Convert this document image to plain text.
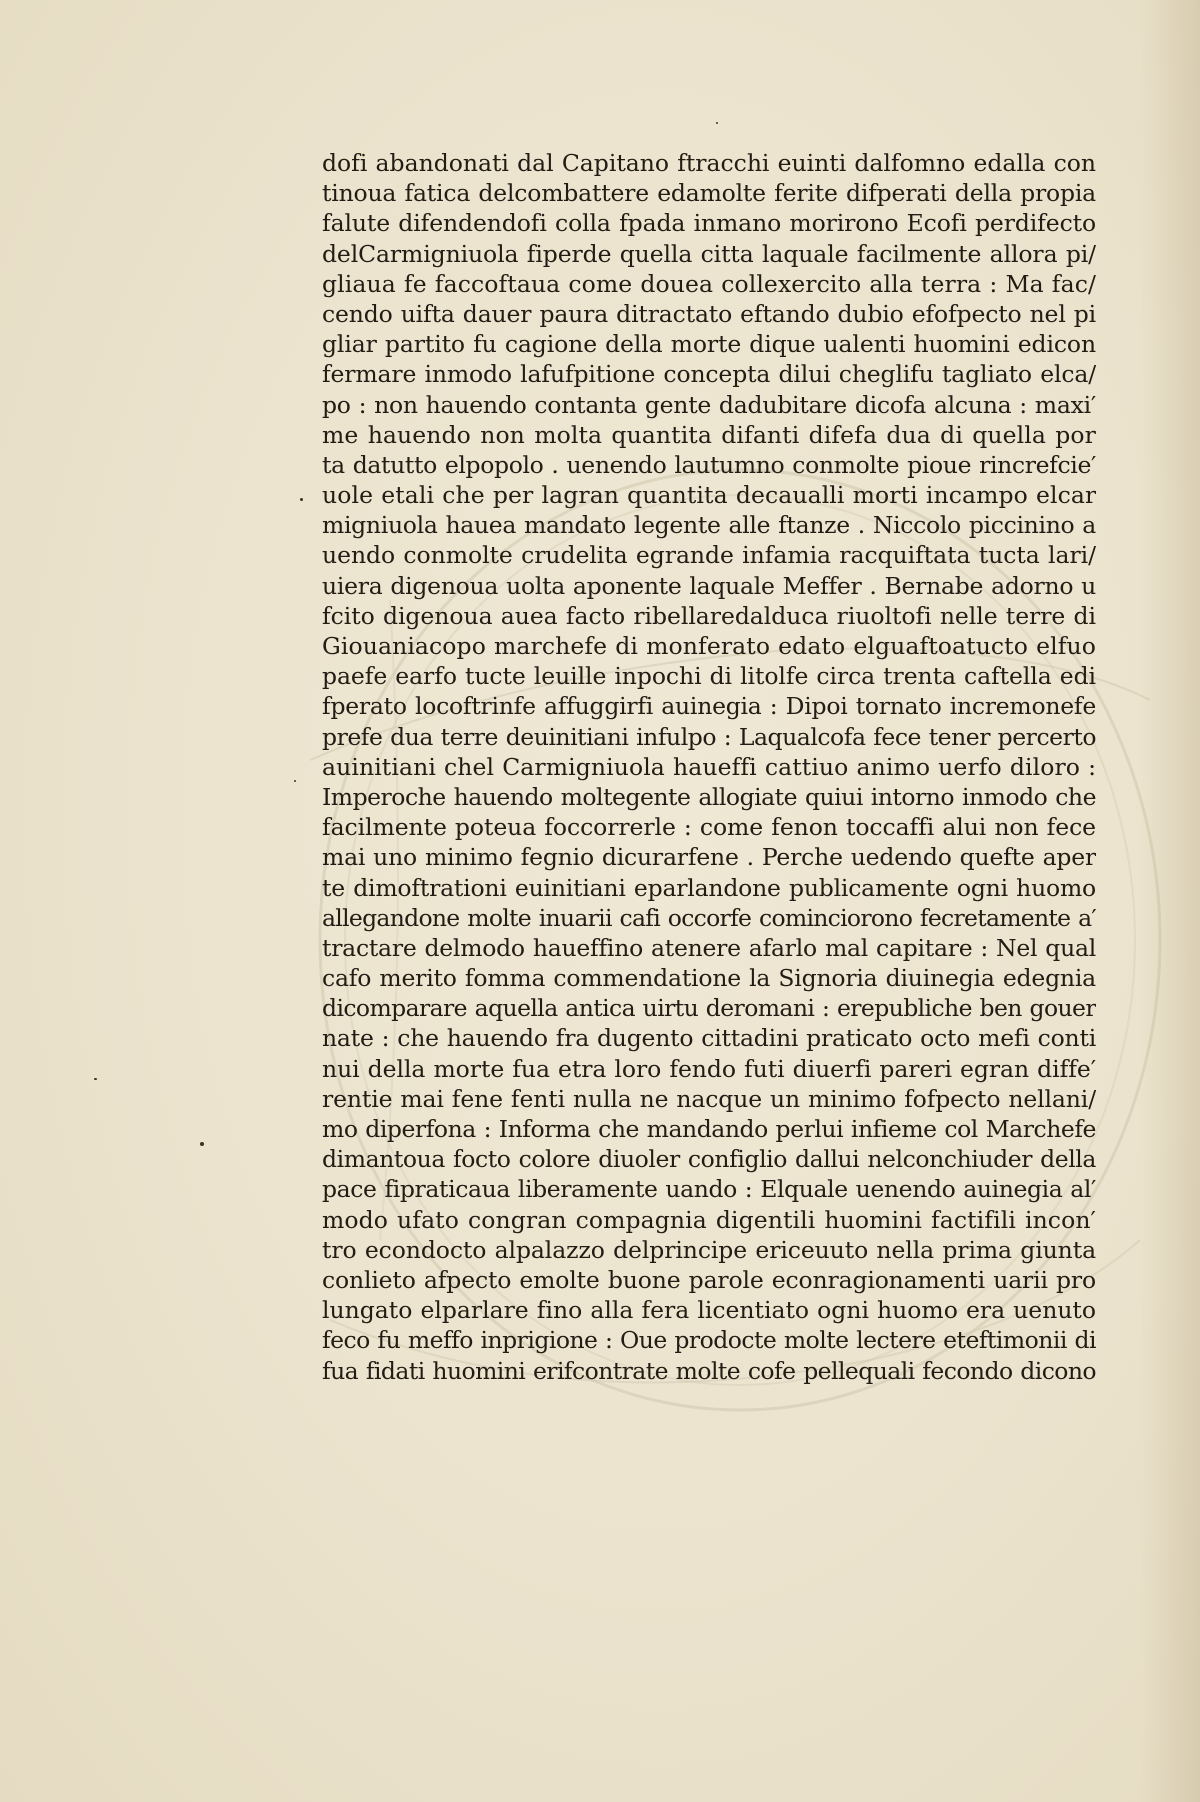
dofi abandonati dal Capitano ftracchi euinti dalfomno edalla con
tinoua fatica delcombattere edamolte ferite difperati della propia
falute difendendofi colla fpada inmano morirono Ecofi perdifecto
delCarmigniuola fiperde quella citta laquale facilmente allora pi/
gliaua fe faccoftaua come douea collexercito alla terra : Ma fac/
cendo uifta dauer paura ditractato eftando dubio efofpecto nel pi
gliar partito fu cagione della morte dique ualenti huomini edicon
fermare inmodo lafufpitione concepta dilui cheglifu tagliato elca/
po : non hauendo contanta gente dadubitare dicofa alcuna : maxi′
me hauendo non molta quantita difanti difefa dua di quella por
ta datutto elpopolo . uenendo lautumno conmolte pioue rincrefcie′
uole etali che per lagran quantita decaualli morti incampo elcar
migniuola hauea mandato legente alle ftanze . Niccolo piccinino a
uendo conmolte crudelita egrande infamia racquiftata tucta lari/
uiera digenoua uolta aponente laquale Meffer . Bernabe adorno u
fcito digenoua auea facto ribellaredalduca riuoltofi nelle terre di
Giouaniacopo marchefe di monferato edato elguaftoatucto elfuo
paefe earfo tucte leuille inpochi di litolfe circa trenta caftella edi
fperato locoftrinfe affuggirfi auinegia : Dipoi tornato incremonefe
prefe dua terre deuinitiani infulpo : Laqualcofa fece tener percerto
auinitiani chel Carmigniuola haueffi cattiuo animo uerfo diloro :
Imperoche hauendo moltegente allogiate quiui intorno inmodo che
facilmente poteua foccorrerle : come fenon toccaffi alui non fece
mai uno minimo fegnio dicurarfene . Perche uedendo quefte aper
te dimoftrationi euinitiani eparlandone publicamente ogni huomo
allegandone molte inuarii cafi occorfe cominciorono fecretamente a′
tractare delmodo haueffino atenere afarlo mal capitare : Nel qual
cafo merito fomma commendatione la Signoria diuinegia edegnia
dicomparare aquella antica uirtu deromani : erepubliche ben gouer
nate : che hauendo fra dugento cittadini praticato octo mefi conti
nui della morte fua etra loro fendo futi diuerfi pareri egran diffe′
rentie mai fene fenti nulla ne nacque un minimo fofpecto nellani/
mo diperfona : Informa che mandando perlui infieme col Marchefe
dimantoua focto colore diuoler configlio dallui nelconchiuder della
pace fipraticaua liberamente uando : Elquale uenendo auinegia al′
modo ufato congran compagnia digentili huomini factifili incon′
tro econdocto alpalazzo delprincipe ericeuuto nella prima giunta
conlieto afpecto emolte buone parole econragionamenti uarii pro
lungato elparlare fino alla fera licentiato ogni huomo era uenuto
feco fu meffo inprigione : Oue prodocte molte lectere eteftimonii di
fua fidati huomini erifcontrate molte cofe pellequali fecondo dicono
